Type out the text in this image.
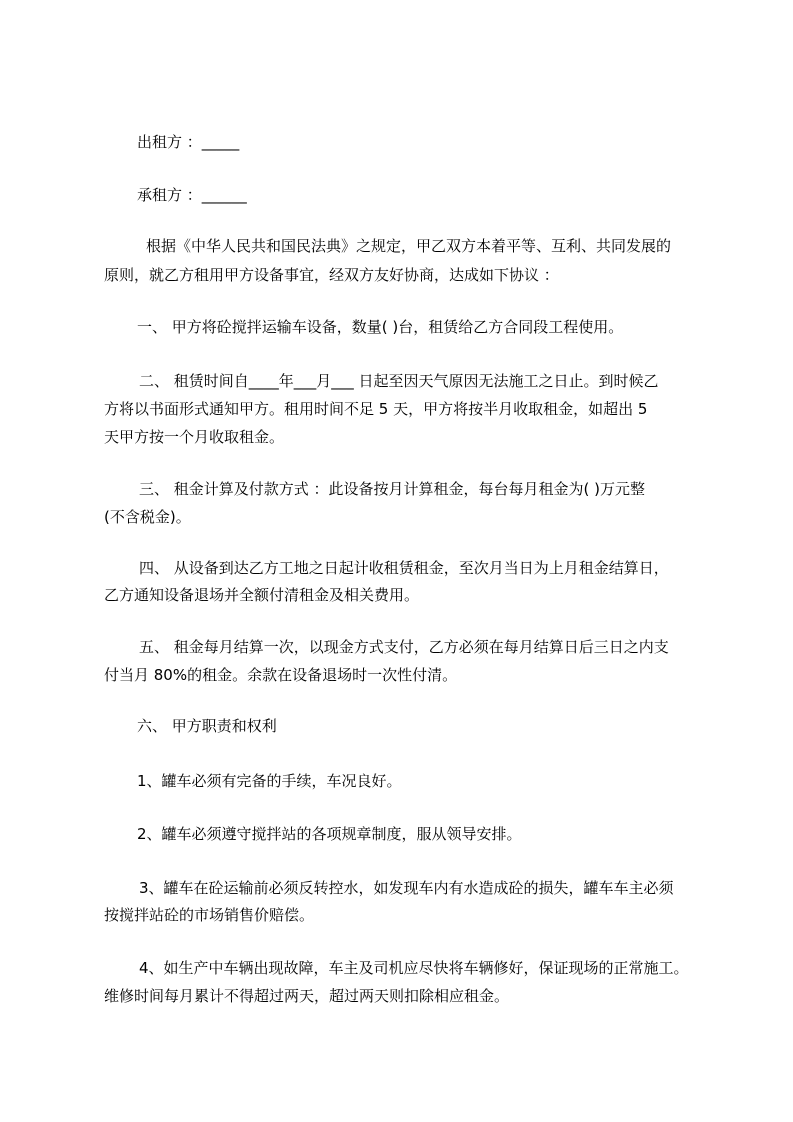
出租方 ：_____
承租方 ：______
根据《中华人民共和国民法典》之规定，甲乙双方本着平等、互利、共同发展的
原则，就乙方租用甲方设备事宜，经双方友好协商，达成如下协议 ：
一、 甲方将砼搅拌运输车设备，数量( )台，租赁给乙方合同段工程使用。
二、 租赁时间自____年___月___ 日起至因天气原因无法施工之日止。到时候乙
方将以书面形式通知甲方。租用时间不足 5 天，甲方将按半月收取租金，如超出 5
天甲方按一个月收取租金。
三、 租金计算及付款方式 ：此设备按月计算租金，每台每月租金为( )万元整
(不含税金)。
四、 从设备到达乙方工地之日起计收租赁租金，至次月当日为上月租金结算日，
乙方通知设备退场并全额付清租金及相关费用。
五、 租金每月结算一次，以现金方式支付，乙方必须在每月结算日后三日之内支
付当月 80%的租金。余款在设备退场时一次性付清。
六、 甲方职责和权利
1、罐车必须有完备的手续，车况良好。
2、罐车必须遵守搅拌站的各项规章制度，服从领导安排。
3、罐车在砼运输前必须反转控水，如发现车内有水造成砼的损失，罐车车主必须
按搅拌站砼的市场销售价赔偿。
4、如生产中车辆出现故障，车主及司机应尽快将车辆修好，保证现场的正常施工。
维修时间每月累计不得超过两天，超过两天则扣除相应租金。
